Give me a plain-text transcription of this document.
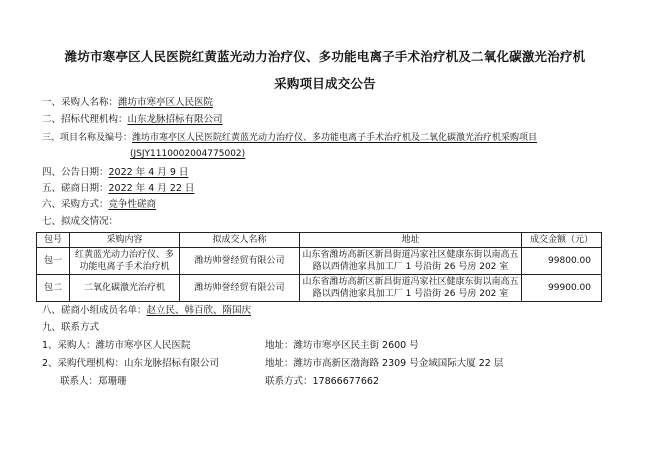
潍坊市寒亭区人民医院红黄蓝光动力治疗仪、多功能电离子手术治疗机及二氧化碳激光治疗机
采购项目成交公告
一、采购人名称：潍坊市寒亭区人民医院
二、招标代理机构：山东龙脉招标有限公司
三、项目名称及编号：潍坊市寒亭区人民医院红黄蓝光动力治疗仪、多功能电离子手术治疗机及二氧化碳激光治疗机采购项目
(JSJY1110002004775002)
四、公告日期：2022 年 4 月 9 日
五、磋商日期：2022 年 4 月 22 日
六、采购方式：竞争性磋商
七、拟成交情况：
包号	采购内容	拟成交人名称	地址	成交金额（元）
包一	红黄蓝光动力治疗仪、多功能电离子手术治疗机	潍坊帅誉经贸有限公司	山东省潍坊高新区新昌街道冯家社区健康东街以南高五路以西倩池家具加工厂 1 号沿街 26 号房 202 室	99800.00
包二	二氧化碳激光治疗机	潍坊帅誉经贸有限公司	山东省潍坊高新区新昌街道冯家社区健康东街以南高五路以西倩池家具加工厂 1 号沿街 26 号房 202 室	99900.00
八、磋商小组成员名单：赵立民、韩百欣、隋国庆
九、联系方式
1、采购人：潍坊市寒亭区人民医院	地址：潍坊市寒亭区民主街 2600 号
2、采购代理机构：山东龙脉招标有限公司	地址：潍坊市高新区渤海路 2309 号金域国际大厦 22 层
联系人：郑珊珊	联系方式：17866677662
